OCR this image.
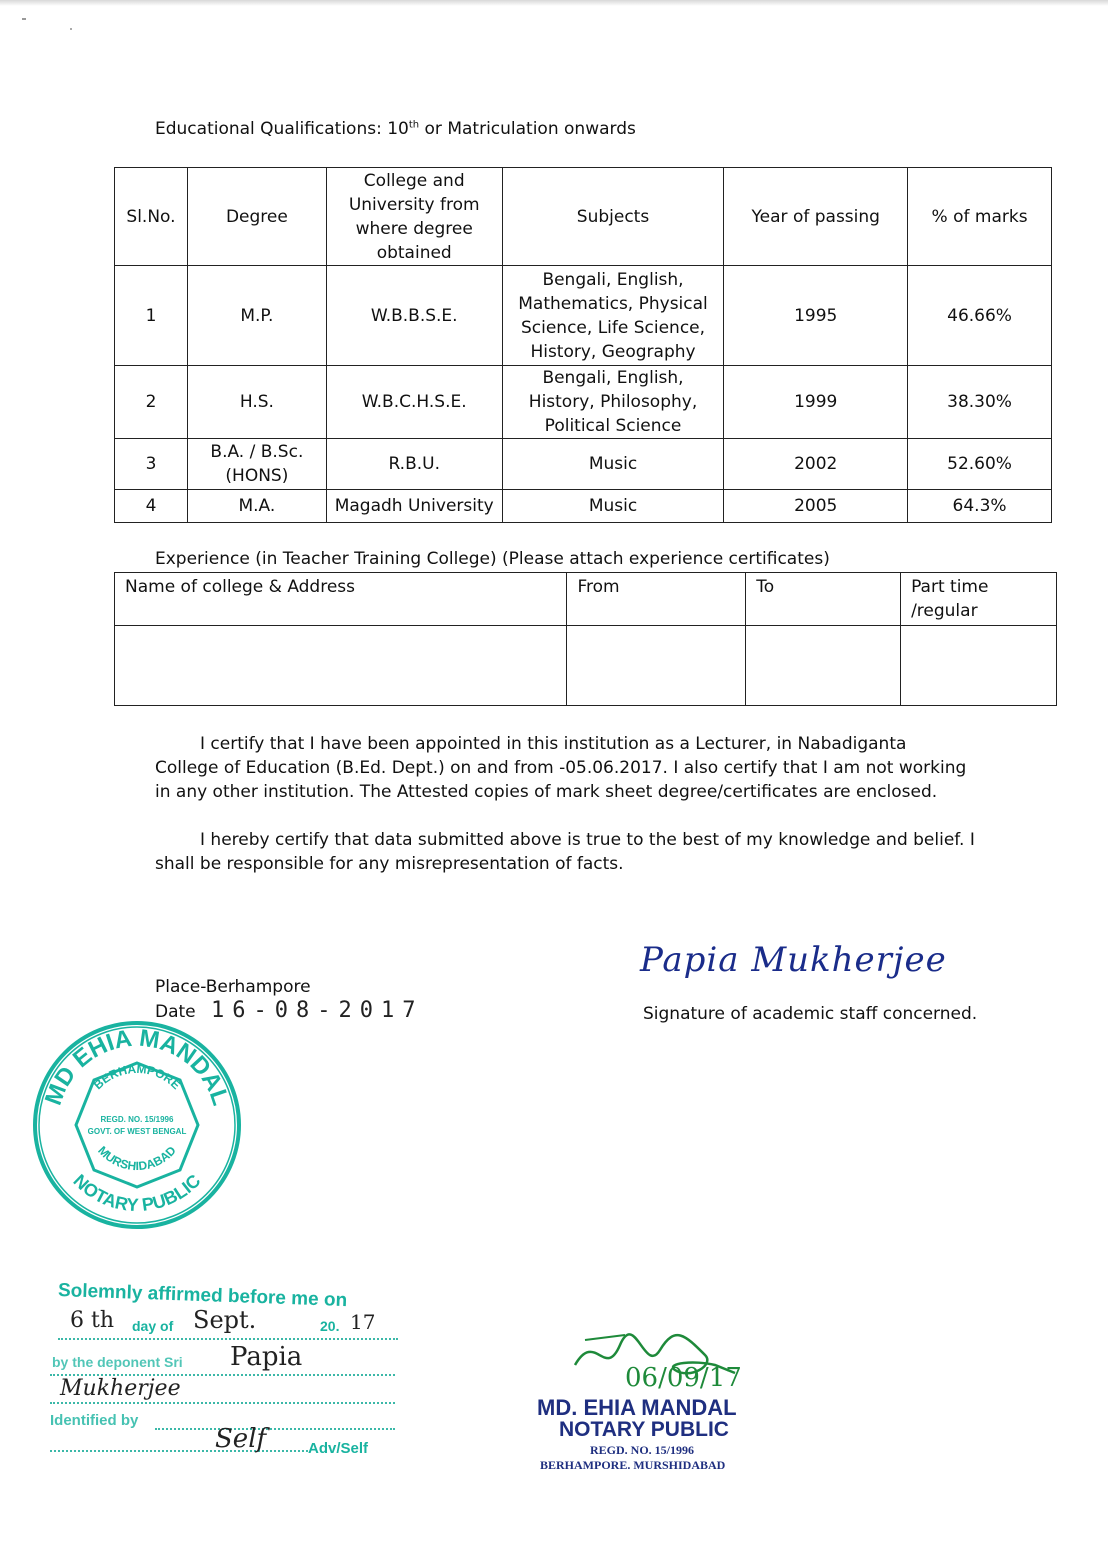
Educational Qualifications: 10th or Matriculation onwards
Sl.No.	Degree	College and University from where degree obtained	Subjects	Year of passing	% of marks
1	M.P.	W.B.B.S.E.	Bengali, English, Mathematics, Physical Science, Life Science, History, Geography	1995	46.66%
2	H.S.	W.B.C.H.S.E.	Bengali, English, History, Philosophy, Political Science	1999	38.30%
3	B.A. / B.Sc. (HONS)	R.B.U.	Music	2002	52.60%
4	M.A.	Magadh University	Music	2005	64.3%
Experience (in Teacher Training College) (Please attach experience certificates)
Name of college & Address	From	To	Part time /regular

I certify that I have been appointed in this institution as a Lecturer, in Nabadiganta College of Education (B.Ed. Dept.) on and from -05.06.2017. I also certify that I am not working in any other institution. The Attested copies of mark sheet degree/certificates are enclosed.
I hereby certify that data submitted above is true to the best of my knowledge and belief. I shall be responsible for any misrepresentation of facts.
Place-Berhampore
Date 16-08-2017
Papia Mukherjee
Signature of academic staff concerned.
MD EHIA MANDAL
BERHAMPORE
MURSHIDABAD
NOTARY PUBLIC
REGD. NO. 15/1996
GOVT. OF WEST BENGAL
Solemnly affirmed before me on
6 th day of Sept.	20. 17
by the deponent Sri Papia
Mukherjee
Identified by
Self	Adv/Self
06/09/17
MD. EHIA MANDAL
NOTARY PUBLIC
REGD. NO. 15/1996
BERHAMPORE. MURSHIDABAD
